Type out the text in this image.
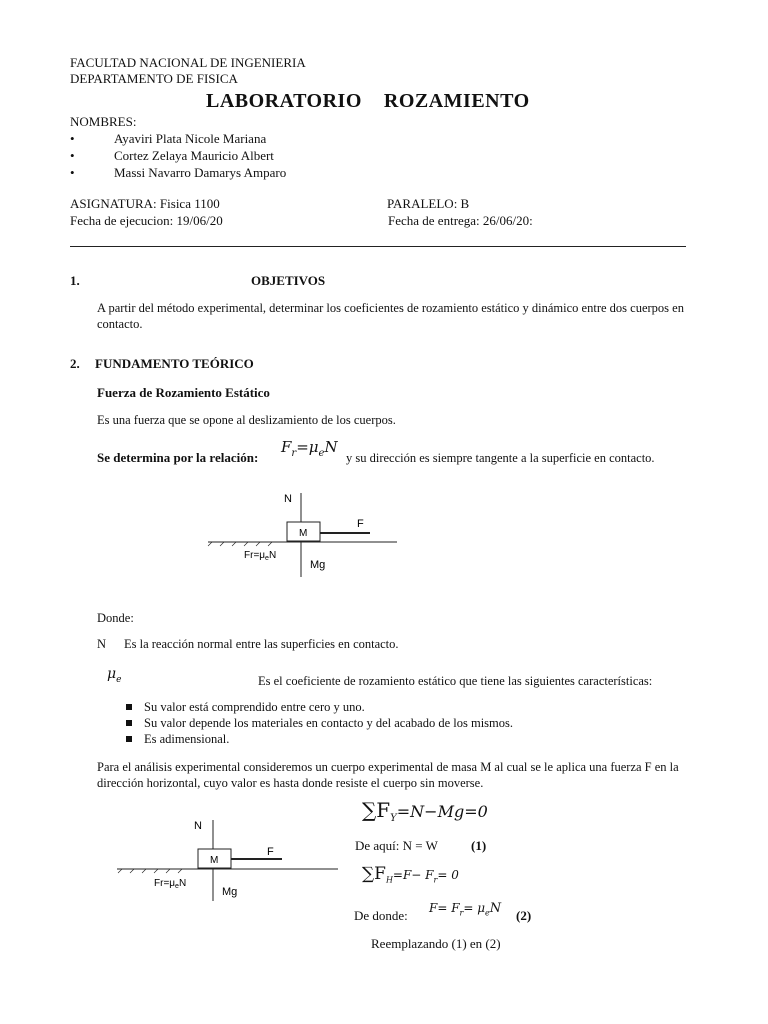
FACULTAD NACIONAL DE INGENIERIA
DEPARTAMENTO DE FISICA
LABORATORIO    ROZAMIENTO
NOMBRES:
•	Ayaviri Plata Nicole Mariana
•	Cortez Zelaya Mauricio Albert
•	Massi Navarro Damarys Amparo
ASIGNATURA: Fisica 1100	PARALELO: B
Fecha de ejecucion: 19/06/20	Fecha de entrega: 26/06/20:
1.	OBJETIVOS
A partir del método experimental, determinar los coeficientes de rozamiento estático y dinámico entre dos cuerpos en contacto.
2. FUNDAMENTO TEÓRICO
Fuerza de Rozamiento Estático
Es una fuerza que se opone al deslizamiento de los cuerpos.
Se determina por la relación:
$F_r=\mu_eN$
y su dirección es siempre tangente a la superficie en contacto.
N
M
F
$Fr=\mu_eN$
Mg
Donde:
N Es la reacción normal entre las superficies en contacto.
$\mu_e$	Es el coeficiente de rozamiento estático que tiene las siguientes características:
Su valor está comprendido entre cero y uno.
Su valor depende los materiales en contacto y del acabado de los mismos.
Es adimensional.
Para el análisis experimental consideremos un cuerpo experimental de masa M al cual se le aplica una fuerza F en la dirección horizontal, cuyo valor es hasta donde resiste el cuerpo sin moverse.
$\sum F_Y=N-Mg=0$
De aquí: N = W	(1)
$\sum F_H=F- F_r= 0$
De donde: $F= F_r= \mu_eN$ (2)
Reemplazando (1) en (2)
N
M
F
$Fr=\mu_eN$
Mg
